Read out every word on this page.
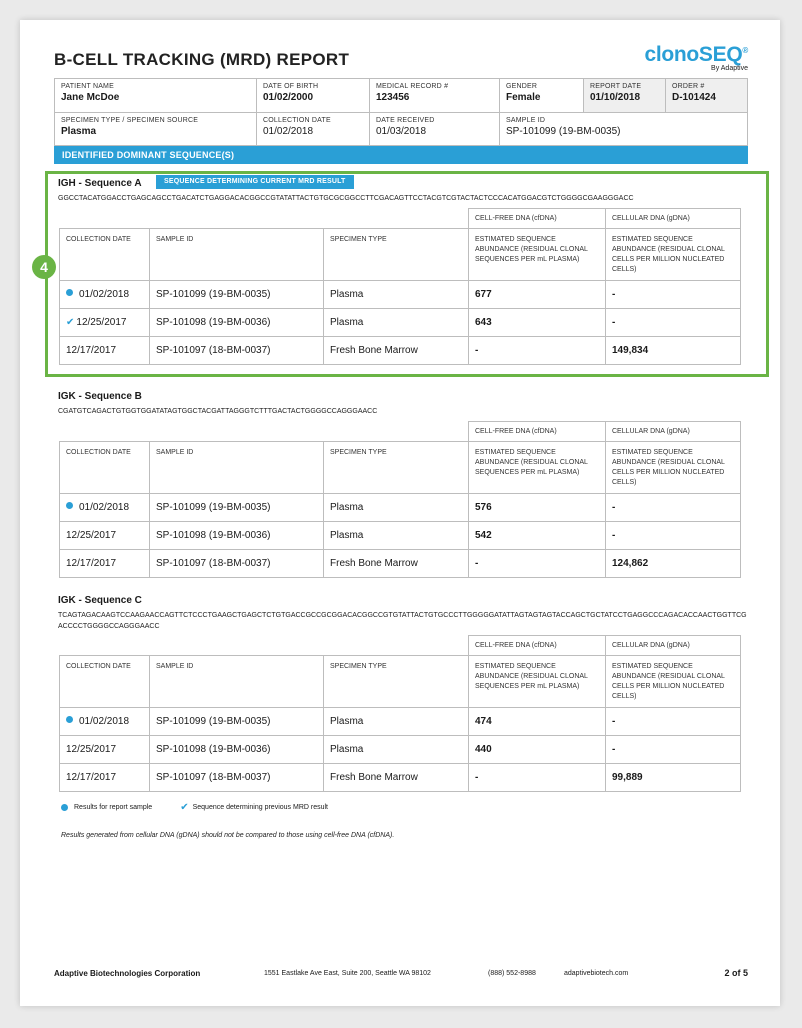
B-CELL TRACKING (MRD) REPORT	clonoSEQ®
By Adaptive
PATIENT NAME
Jane McDoe
DATE OF BIRTH
01/02/2000
MEDICAL RECORD #
123456
GENDER
Female
REPORT DATE
01/10/2018
ORDER #
D-101424
SPECIMEN TYPE / SPECIMEN SOURCE
Plasma
COLLECTION DATE
01/02/2018
DATE RECEIVED
01/03/2018
SAMPLE ID
SP-101099 (19-BM-0035)
IDENTIFIED DOMINANT SEQUENCE(S)
4
IGH - Sequence A	SEQUENCE DETERMINING CURRENT MRD RESULT
GGCCTACATGGACCTGAGCAGCCTGACATCTGAGGACACGGCCGTATATTACTGTGCGCGGCCTTCGACAGTTCCTACGTCGTACTACTCCCACATGGACGTCTGGGGCGAAGGGACC
			CELL-FREE DNA (cfDNA)	CELLULAR DNA (gDNA)
COLLECTION DATE	SAMPLE ID	SPECIMEN TYPE	ESTIMATED SEQUENCE ABUNDANCE (RESIDUAL CLONAL SEQUENCES PER mL PLASMA)	ESTIMATED SEQUENCE ABUNDANCE (RESIDUAL CLONAL CELLS PER MILLION NUCLEATED CELLS)
01/02/2018	SP-101099 (19-BM-0035)	Plasma	677	-
✔ 12/25/2017	SP-101098 (19-BM-0036)	Plasma	643	-
12/17/2017	SP-101097 (18-BM-0037)	Fresh Bone Marrow	-	149,834
IGK - Sequence B
CGATGTCAGACTGTGGTGGATATAGTGGCTACGATTAGGGTCTTTGACTACTGGGGCCAGGGAACC
			CELL-FREE DNA (cfDNA)	CELLULAR DNA (gDNA)
COLLECTION DATE	SAMPLE ID	SPECIMEN TYPE	ESTIMATED SEQUENCE ABUNDANCE (RESIDUAL CLONAL SEQUENCES PER mL PLASMA)	ESTIMATED SEQUENCE ABUNDANCE (RESIDUAL CLONAL CELLS PER MILLION NUCLEATED CELLS)
01/02/2018	SP-101099 (19-BM-0035)	Plasma	576	-
12/25/2017	SP-101098 (19-BM-0036)	Plasma	542	-
12/17/2017	SP-101097 (18-BM-0037)	Fresh Bone Marrow	-	124,862
IGK - Sequence C
TCAGTAGACAAGTCCAAGAACCAGTTCTCCCTGAAGCTGAGCTCTGTGACCGCCGCGGACACGGCCGTGTATTACTGTGCCCTTGGGGGATATTAGTAGTAGTACCAGCTGCTATCCTGAGGCCCAGACACCAACTGGTTCGACCCCTGGGGCCAGGGAACC
			CELL-FREE DNA (cfDNA)	CELLULAR DNA (gDNA)
COLLECTION DATE	SAMPLE ID	SPECIMEN TYPE	ESTIMATED SEQUENCE ABUNDANCE (RESIDUAL CLONAL SEQUENCES PER mL PLASMA)	ESTIMATED SEQUENCE ABUNDANCE (RESIDUAL CLONAL CELLS PER MILLION NUCLEATED CELLS)
01/02/2018	SP-101099 (19-BM-0035)	Plasma	474	-
12/25/2017	SP-101098 (19-BM-0036)	Plasma	440	-
12/17/2017	SP-101097 (18-BM-0037)	Fresh Bone Marrow	-	99,889
Results for report sample	✔ Sequence determining previous MRD result
Results generated from cellular DNA (gDNA) should not be compared to those using cell-free DNA (cfDNA).
Adaptive Biotechnologies Corporation	1551 Eastlake Ave East, Suite 200, Seattle WA 98102	(888) 552-8988	adaptivebiotech.com	2 of 5
